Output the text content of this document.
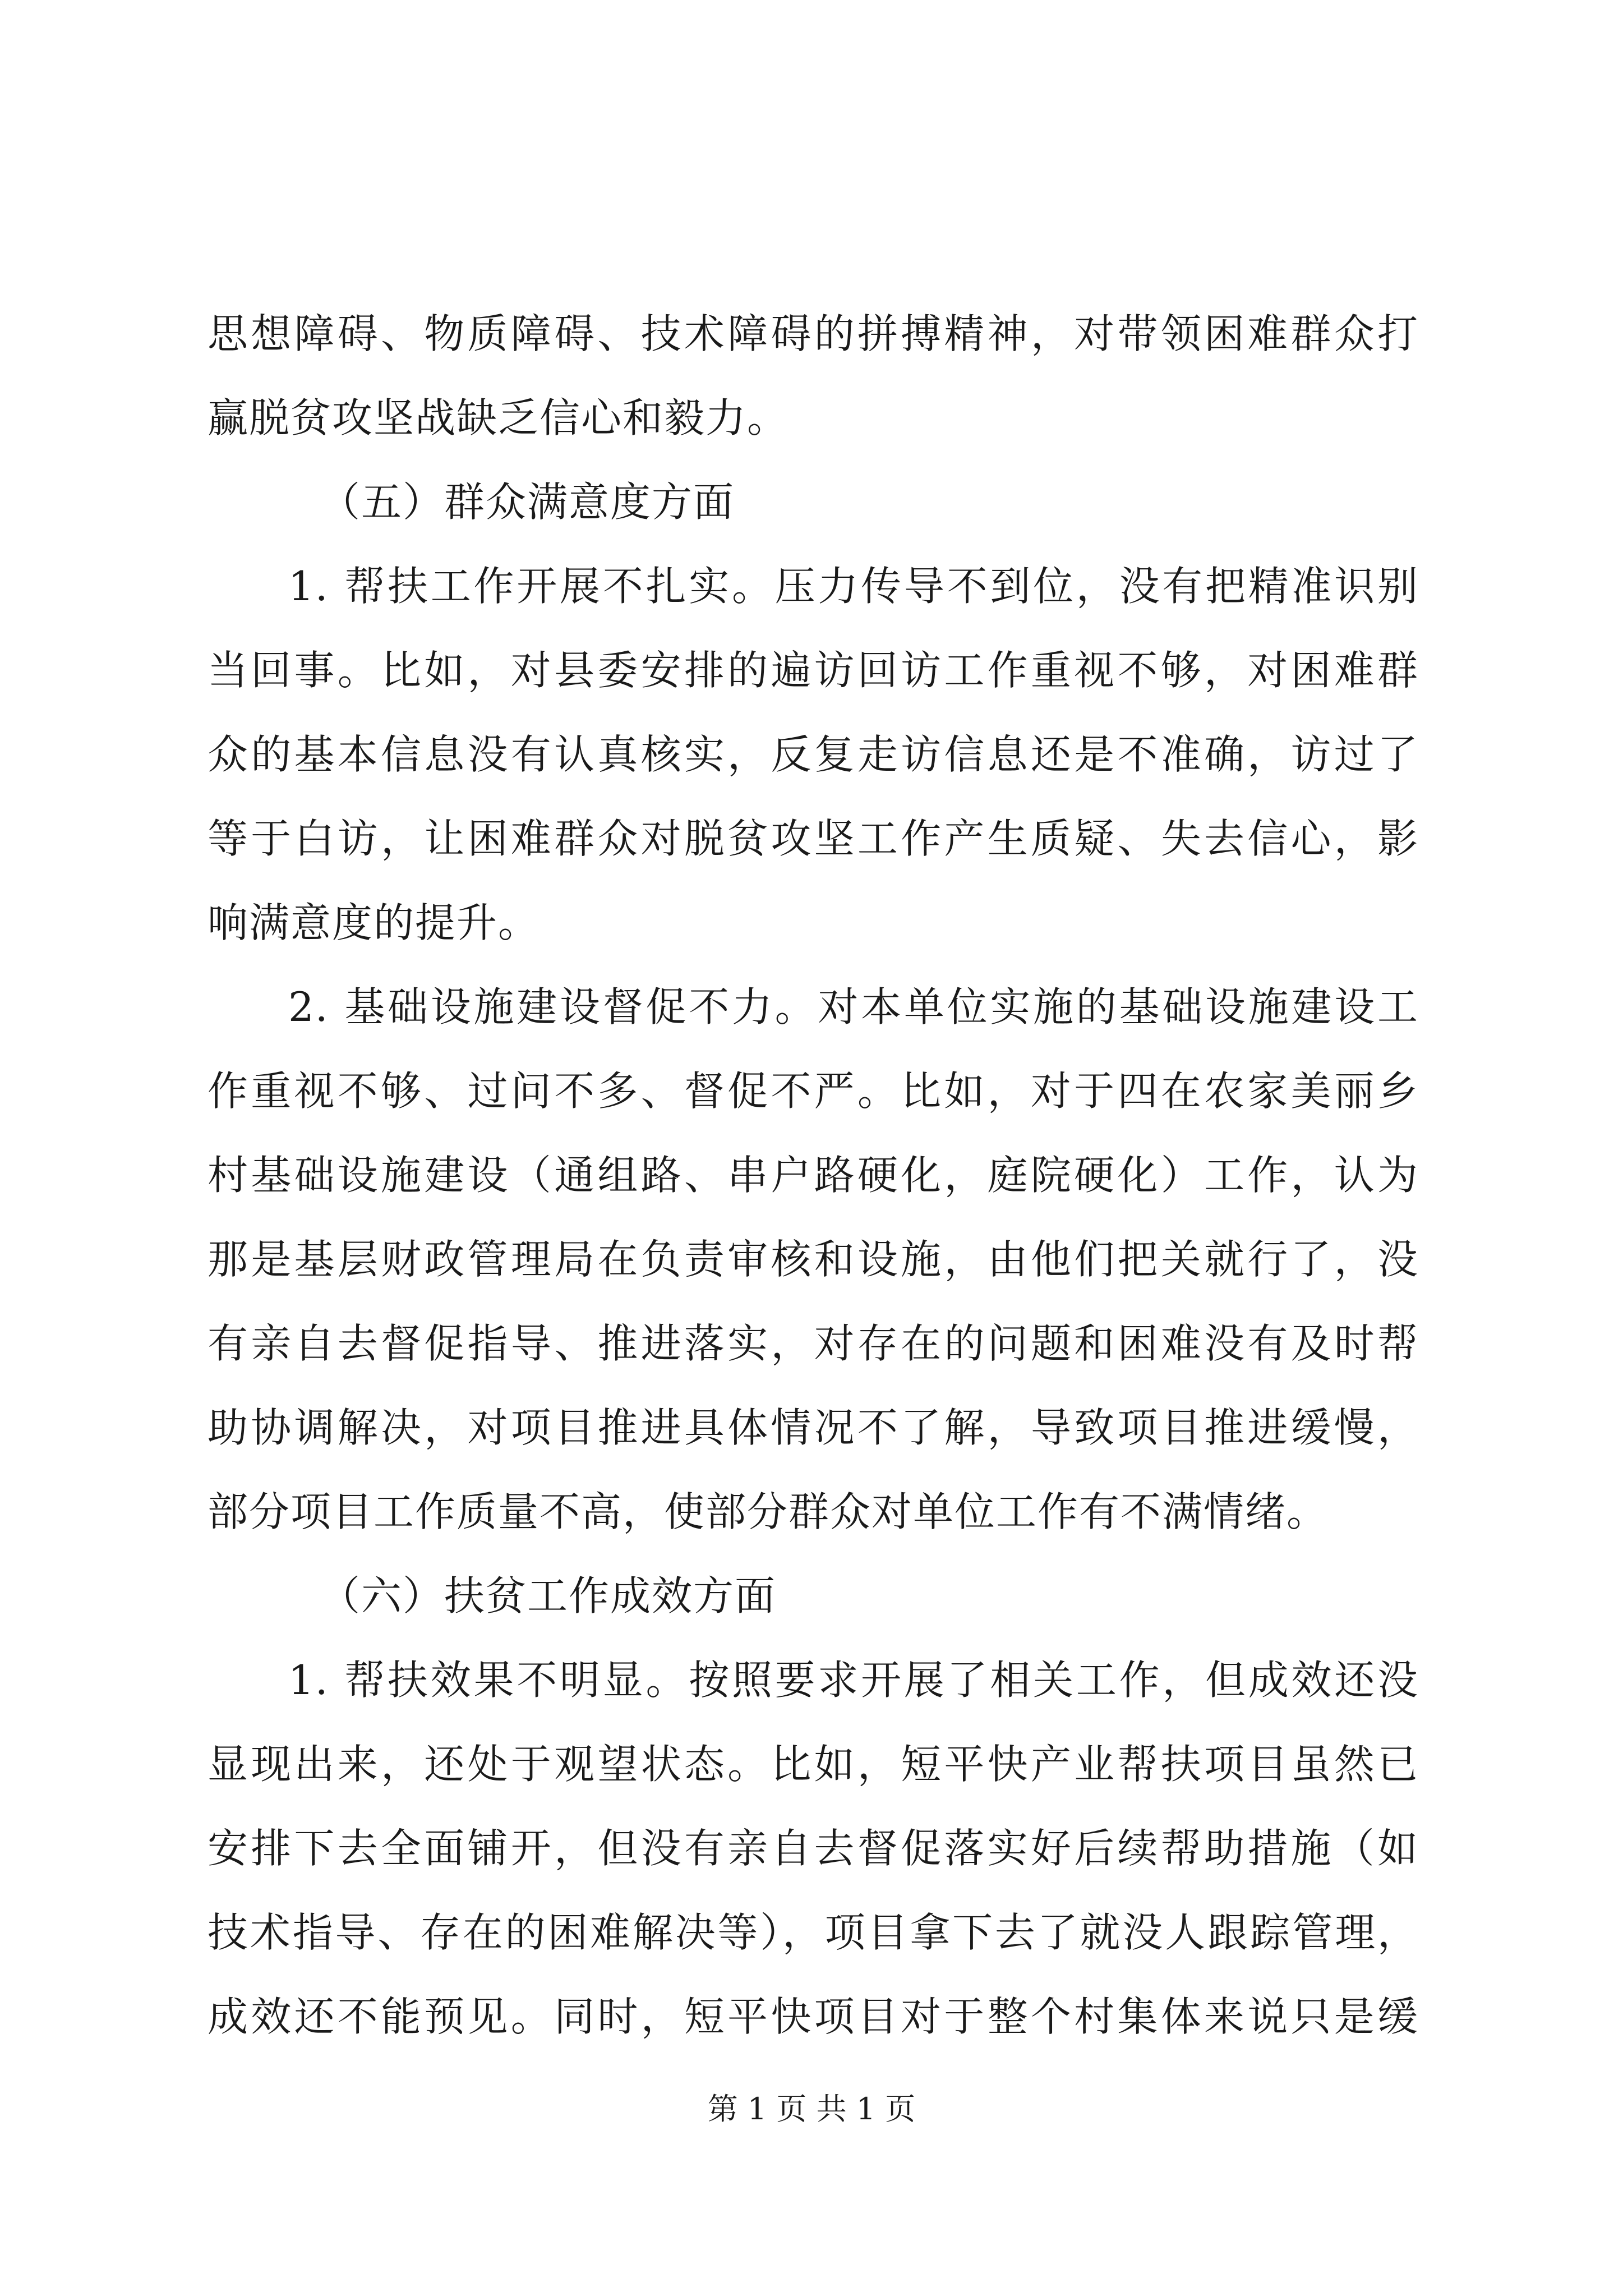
思想障碍、物质障碍、技术障碍的拼搏精神，对带领困难群众打
赢脱贫攻坚战缺乏信心和毅力。
（五）群众满意度方面
1. 帮扶工作开展不扎实。压力传导不到位，没有把精准识别
当回事。比如，对县委安排的遍访回访工作重视不够，对困难群
众的基本信息没有认真核实，反复走访信息还是不准确，访过了
等于白访，让困难群众对脱贫攻坚工作产生质疑、失去信心，影
响满意度的提升。
2. 基础设施建设督促不力。对本单位实施的基础设施建设工
作重视不够、过问不多、督促不严。比如，对于四在农家美丽乡
村基础设施建设（通组路、串户路硬化，庭院硬化）工作，认为
那是基层财政管理局在负责审核和设施，由他们把关就行了，没
有亲自去督促指导、推进落实，对存在的问题和困难没有及时帮
助协调解决，对项目推进具体情况不了解，导致项目推进缓慢，
部分项目工作质量不高，使部分群众对单位工作有不满情绪。
（六）扶贫工作成效方面
1. 帮扶效果不明显。按照要求开展了相关工作，但成效还没
显现出来，还处于观望状态。比如，短平快产业帮扶项目虽然已
安排下去全面铺开，但没有亲自去督促落实好后续帮助措施（如
技术指导、存在的困难解决等），项目拿下去了就没人跟踪管理，
成效还不能预见。同时，短平快项目对于整个村集体来说只是缓
第 1 页 共 1 页
